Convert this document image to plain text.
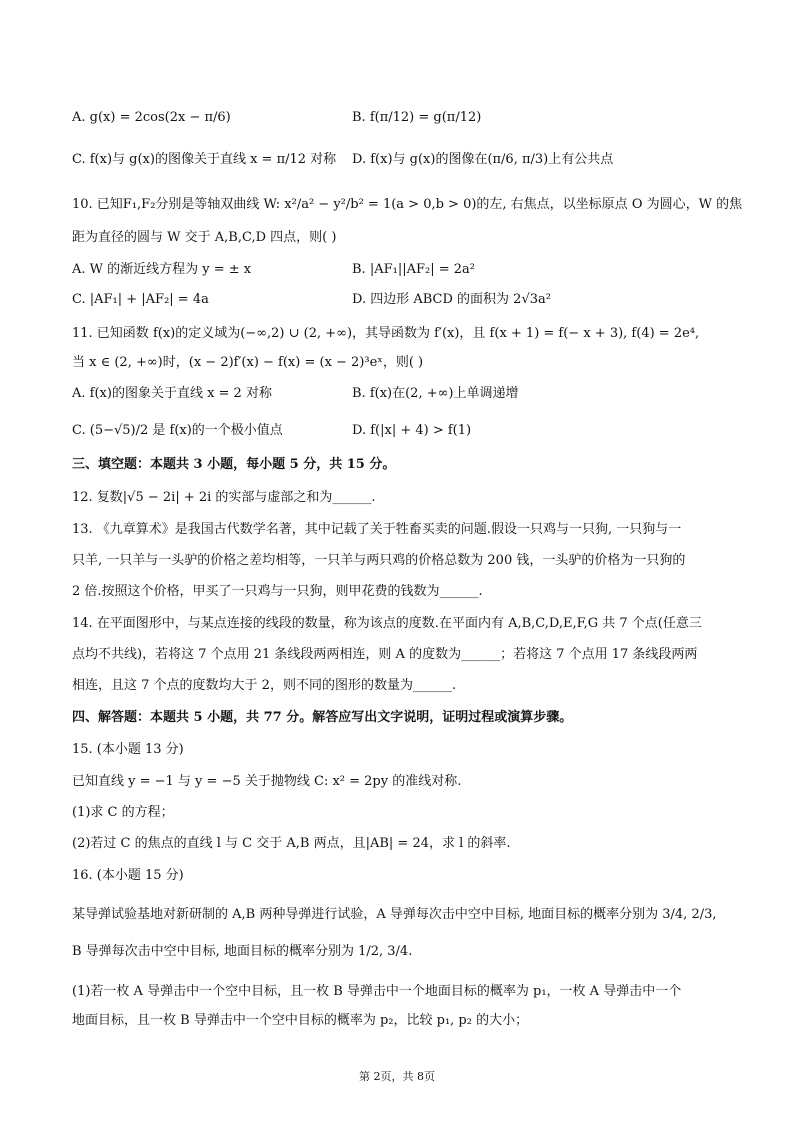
A. g(x) = 2cos(2x − π/6)	B. f(π/12) = g(π/12)
C. f(x)与 g(x)的图像关于直线 x = π/12 对称 D. f(x)与 g(x)的图像在(π/6, π/3)上有公共点
10. 已知F₁,F₂分别是等轴双曲线 W: x²/a² − y²/b² = 1(a > 0,b > 0)的左, 右焦点，以坐标原点 O 为圆心，W 的焦
距为直径的圆与 W 交于 A,B,C,D 四点，则( )
A. W 的渐近线方程为 y = ± x	B. |AF₁||AF₂| = 2a²
C. |AF₁| + |AF₂| = 4a	D. 四边形 ABCD 的面积为 2√3a²
11. 已知函数 f(x)的定义域为(−∞,2) ∪ (2, +∞)，其导函数为 f′(x)，且 f(x + 1) = f(− x + 3), f(4) = 2e⁴,
当 x ∈ (2, +∞)时，(x − 2)f′(x) − f(x) = (x − 2)³eˣ，则( )
A. f(x)的图象关于直线 x = 2 对称	B. f(x)在(2, +∞)上单调递增
C. (5−√5)/2 是 f(x)的一个极小值点	D. f(|x| + 4) > f(1)
三、填空题：本题共 3 小题，每小题 5 分，共 15 分。
12. 复数|√5 − 2i| + 2i 的实部与虚部之和为______.
13. 《九章算术》是我国古代数学名著，其中记载了关于牲畜买卖的问题.假设一只鸡与一只狗, 一只狗与一
只羊, 一只羊与一头驴的价格之差均相等，一只羊与两只鸡的价格总数为 200 钱，一头驴的价格为一只狗的
2 倍.按照这个价格，甲买了一只鸡与一只狗，则甲花费的钱数为______.
14. 在平面图形中，与某点连接的线段的数量，称为该点的度数.在平面内有 A,B,C,D,E,F,G 共 7 个点(任意三
点均不共线)，若将这 7 个点用 21 条线段两两相连，则 A 的度数为______；若将这 7 个点用 17 条线段两两
相连，且这 7 个点的度数均大于 2，则不同的图形的数量为______.
四、解答题：本题共 5 小题，共 77 分。解答应写出文字说明，证明过程或演算步骤。
15. (本小题 13 分)
已知直线 y = −1 与 y = −5 关于抛物线 C: x² = 2py 的准线对称.
(1)求 C 的方程；
(2)若过 C 的焦点的直线 l 与 C 交于 A,B 两点，且|AB| = 24，求 l 的斜率.
16. (本小题 15 分)
某导弹试验基地对新研制的 A,B 两种导弹进行试验，A 导弹每次击中空中目标, 地面目标的概率分别为 3/4, 2/3,
B 导弹每次击中空中目标, 地面目标的概率分别为 1/2, 3/4.
(1)若一枚 A 导弹击中一个空中目标，且一枚 B 导弹击中一个地面目标的概率为 p₁，一枚 A 导弹击中一个
地面目标，且一枚 B 导弹击中一个空中目标的概率为 p₂，比较 p₁, p₂ 的大小；
第 2页，共 8页
